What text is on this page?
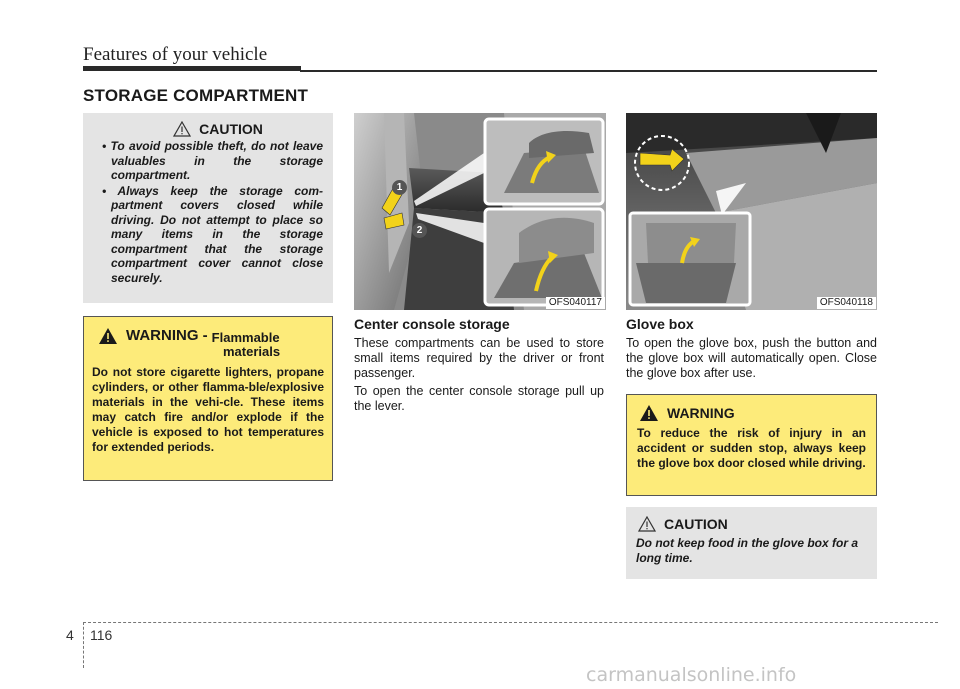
Features of your vehicle
STORAGE COMPARTMENT
CAUTION
• To avoid possible theft, do not leave valuables in the storage compartment.
• Always keep the storage com-partment covers closed while driving. Do not attempt to place so many items in the storage compartment that the storage compartment cover cannot close securely.
WARNING - Flammable
materials

Do not store cigarette lighters, propane cylinders, or other flamma-ble/explosive materials in the vehi-cle. These items may catch fire and/or explode if the vehicle is exposed to hot temperatures for extended periods.

1
2
OFS040117	OFS040118
Center console storage
These compartments can be used to store small items required by the driver or front passenger.
To open the center console storage pull up the lever.
Glove box
To open the glove box, push the button and the glove box will automatically open. Close the glove box after use.
WARNING

To reduce the risk of injury in an accident or sudden stop, always keep the glove box door closed while driving.

CAUTION

Do not keep food in the glove box for a long time.

4 116
carmanualsonline.info
